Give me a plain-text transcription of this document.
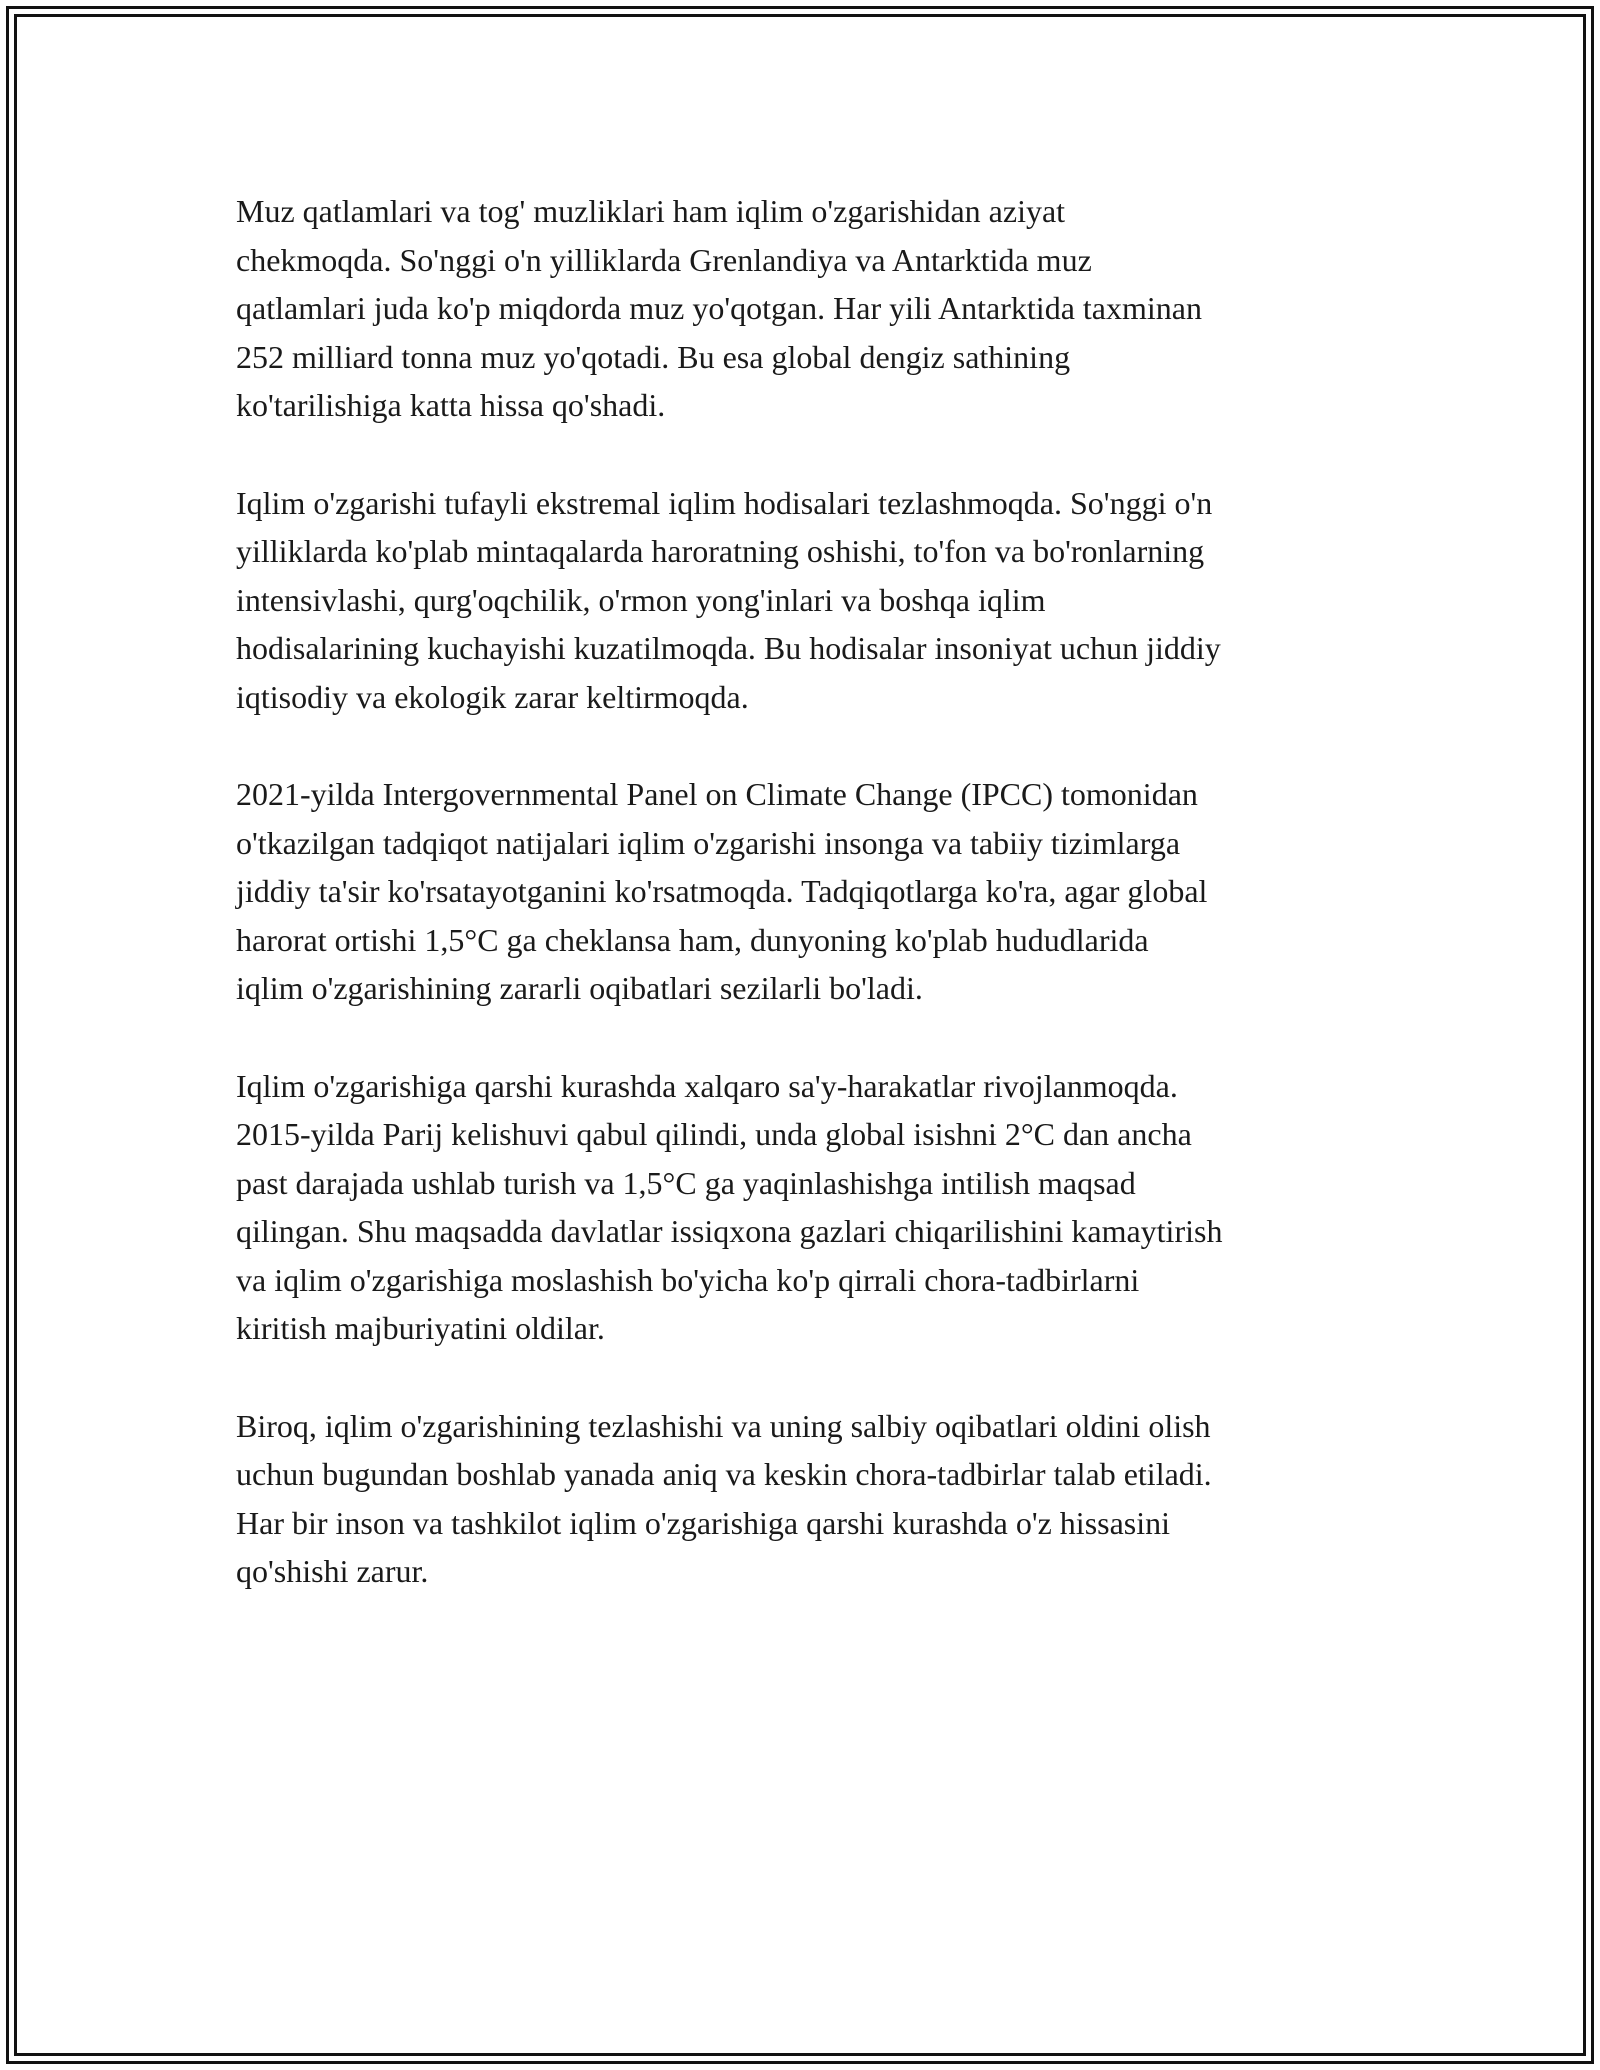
Muz qatlamlari va tog' muzliklari ham iqlim o'zgarishidan aziyat
chekmoqda. So'nggi o'n yilliklarda Grenlandiya va Antarktida muz
qatlamlari juda ko'p miqdorda muz yo'qotgan. Har yili Antarktida taxminan
252 milliard tonna muz yo'qotadi. Bu esa global dengiz sathining
ko'tarilishiga katta hissa qo'shadi.

Iqlim o'zgarishi tufayli ekstremal iqlim hodisalari tezlashmoqda. So'nggi o'n
yilliklarda ko'plab mintaqalarda haroratning oshishi, to'fon va bo'ronlarning
intensivlashi, qurg'oqchilik, o'rmon yong'inlari va boshqa iqlim
hodisalarining kuchayishi kuzatilmoqda. Bu hodisalar insoniyat uchun jiddiy
iqtisodiy va ekologik zarar keltirmoqda.

2021-yilda Intergovernmental Panel on Climate Change (IPCC) tomonidan
o'tkazilgan tadqiqot natijalari iqlim o'zgarishi insonga va tabiiy tizimlarga
jiddiy ta'sir ko'rsatayotganini ko'rsatmoqda. Tadqiqotlarga ko'ra, agar global
harorat ortishi 1,5°C ga cheklansa ham, dunyoning ko'plab hududlarida
iqlim o'zgarishining zararli oqibatlari sezilarli bo'ladi.

Iqlim o'zgarishiga qarshi kurashda xalqaro sa'y-harakatlar rivojlanmoqda.
2015-yilda Parij kelishuvi qabul qilindi, unda global isishni 2°C dan ancha
past darajada ushlab turish va 1,5°C ga yaqinlashishga intilish maqsad
qilingan. Shu maqsadda davlatlar issiqxona gazlari chiqarilishini kamaytirish
va iqlim o'zgarishiga moslashish bo'yicha ko'p qirrali chora-tadbirlarni
kiritish majburiyatini oldilar.

Biroq, iqlim o'zgarishining tezlashishi va uning salbiy oqibatlari oldini olish
uchun bugundan boshlab yanada aniq va keskin chora-tadbirlar talab etiladi.
Har bir inson va tashkilot iqlim o'zgarishiga qarshi kurashda o'z hissasini
qo'shishi zarur.
